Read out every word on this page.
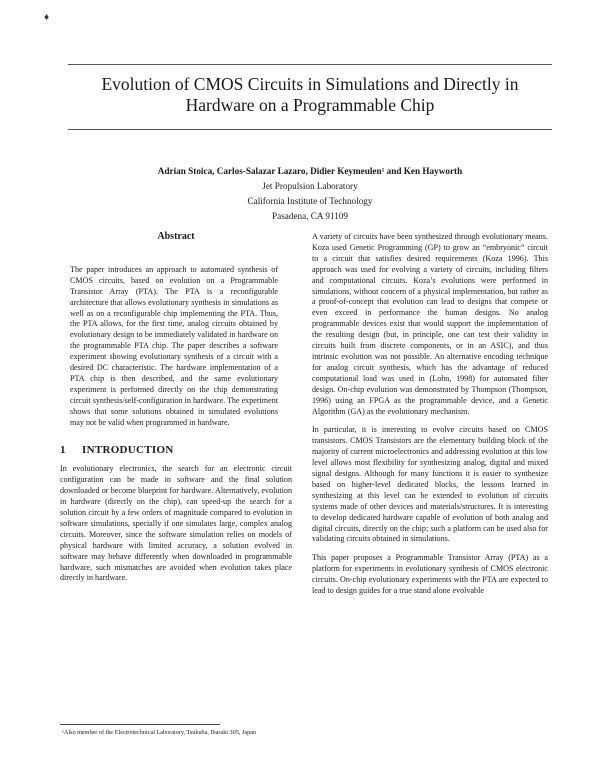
♦
Evolution of CMOS Circuits in Simulations and Directly in
Hardware on a Programmable Chip
Adrian Stoica, Carlos-Salazar Lazaro, Didier Keymeulen¹ and Ken Hayworth
Jet Propulsion Laboratory
California Institute of Technology
Pasadena, CA 91109
Abstract

The paper introduces an approach to automated synthesis of CMOS circuits, based on evolution on a Programmable Transistor Array (PTA). The PTA is a reconfigurable architecture that allows evolutionary synthesis in simulations as well as on a reconfigurable chip implementing the PTA. Thus, the PTA allows, for the first time, analog circuits obtained by evolutionary design to be immediately validated in hardware on the programmable PTA chip. The paper describes a software experiment showing evolutionary synthesis of a circuit with a desired DC characteristic. The hardware implementation of a PTA chip is then described, and the same evolutionary experiment is performed directly on the chip demonstrating circuit synthesis/self-configuration in hardware. The experiment shows that some solutions obtained in simulated evolutions may not be valid when programmed in hardware.

1 INTRODUCTION

In evolutionary electronics, the search for an electronic circuit configuration can be made in software and the final solution downloaded or become blueprint for hardware. Alternatively, evolution in hardware (directly on the chip), can speed-up the search for a solution circuit by a few orders of magnitude compared to evolution in software simulations, specially if one simulates large, complex analog circuits. Moreover, since the software simulation relies on models of physical hardware with limited accuracy, a solution evolved in software may behave differently when downloaded in programmable hardware, such mismatches are avoided when evolution takes place directly in hardware.

A variety of circuits have been synthesized through evolutionary means. Koza used Genetic Programming (GP) to grow an “embryonic” circuit to a circuit that satisfies desired requirements (Koza 1996). This approach was used for evolving a variety of circuits, including filters and computational circuits. Koza’s evolutions were performed in simulations, without concern of a physical implementation, but rather as a proof-of-concept that evolution can lead to designs that compete or even exceed in performance the human designs. No analog programmable devices exist that would support the implementation of the resulting design (but, in principle, one can test their validity in circuits built from discrete components, or in an ASIC), and thus intrinsic evolution was not possible. An alternative encoding technique for analog circuit synthesis, which has the advantage of reduced computational load was used in (Lohn, 1998) for automated filter design. On-chip evolution was demonstrated by Thompson (Thompson, 1996) using an FPGA as the programmable device, and a Genetic Algorithm (GA) as the evolutionary mechanism.

In particular, it is interesting to evolve circuits based on CMOS transistors. CMOS Transistors are the elementary building block of the majority of current microelectronics and addressing evolution at this low level allows most flexibility for synthesizing analog, digital and mixed signal designs. Although for many functions it is easier to synthesize based on higher-level dedicated blocks, the lessons learned in synthesizing at this level can be extended to evolution of circuits systems made of other devices and materials/structures. It is interesting to develop dedicated hardware capable of evolution of both analog and digital circuits, directly on the chip; such a platform can be used also for validating circuits obtained in simulations.

This paper proposes a Programmable Transistor Array (PTA) as a platform for experiments in evolutionary synthesis of CMOS electronic circuits. On-chip evolutionary experiments with the PTA are expected to lead to design guides for a true stand alone evolvable

¹Also member of the Electrotechnical Laboratory, Tsukuba, Ibaraki 305, Japan
